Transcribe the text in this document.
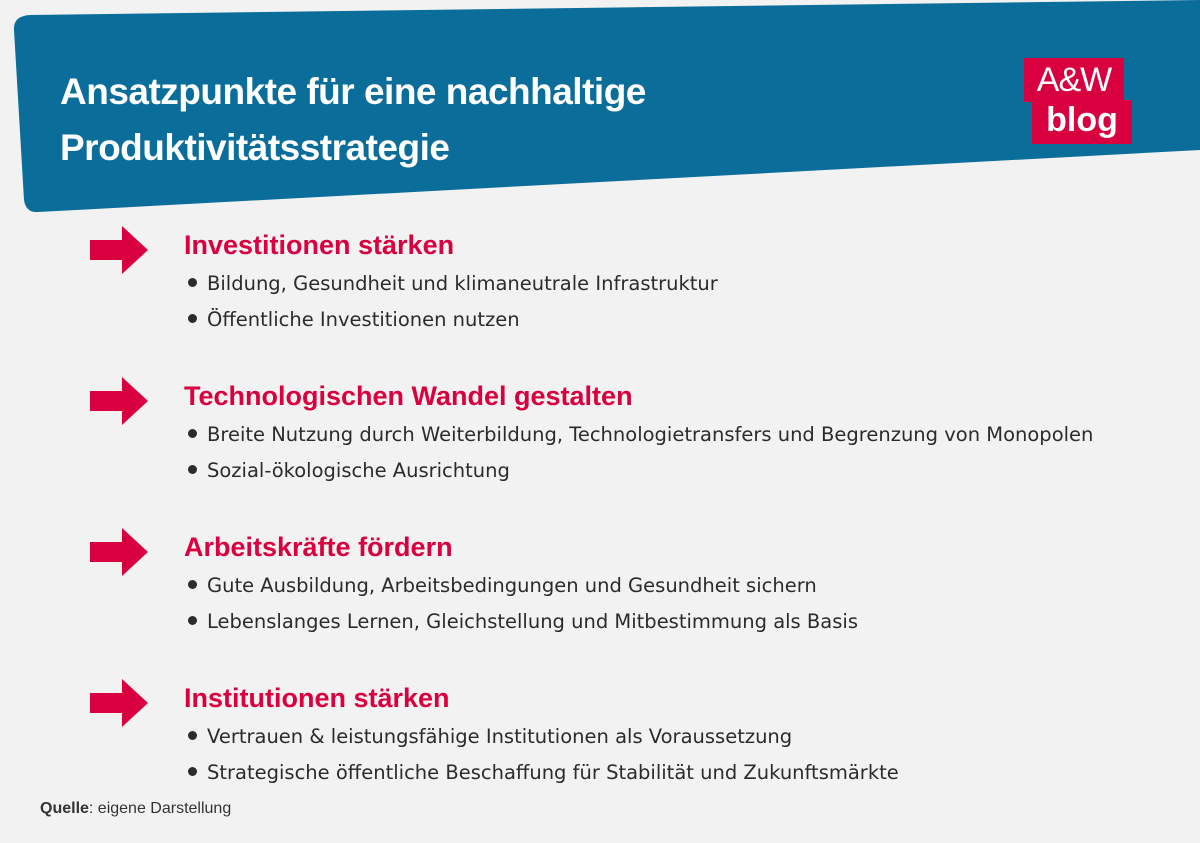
Ansatzpunkte für eine nachhaltige
Produktivitätsstrategie
A&W
blog
Investitionen stärken
Bildung, Gesundheit und klimaneutrale Infrastruktur
Öffentliche Investitionen nutzen
Technologischen Wandel gestalten
Breite Nutzung durch Weiterbildung, Technologietransfers und Begrenzung von Monopolen
Sozial-ökologische Ausrichtung
Arbeitskräfte fördern
Gute Ausbildung, Arbeitsbedingungen und Gesundheit sichern
Lebenslanges Lernen, Gleichstellung und Mitbestimmung als Basis
Institutionen stärken
Vertrauen & leistungsfähige Institutionen als Voraussetzung
Strategische öffentliche Beschaffung für Stabilität und Zukunftsmärkte
Quelle: eigene Darstellung
